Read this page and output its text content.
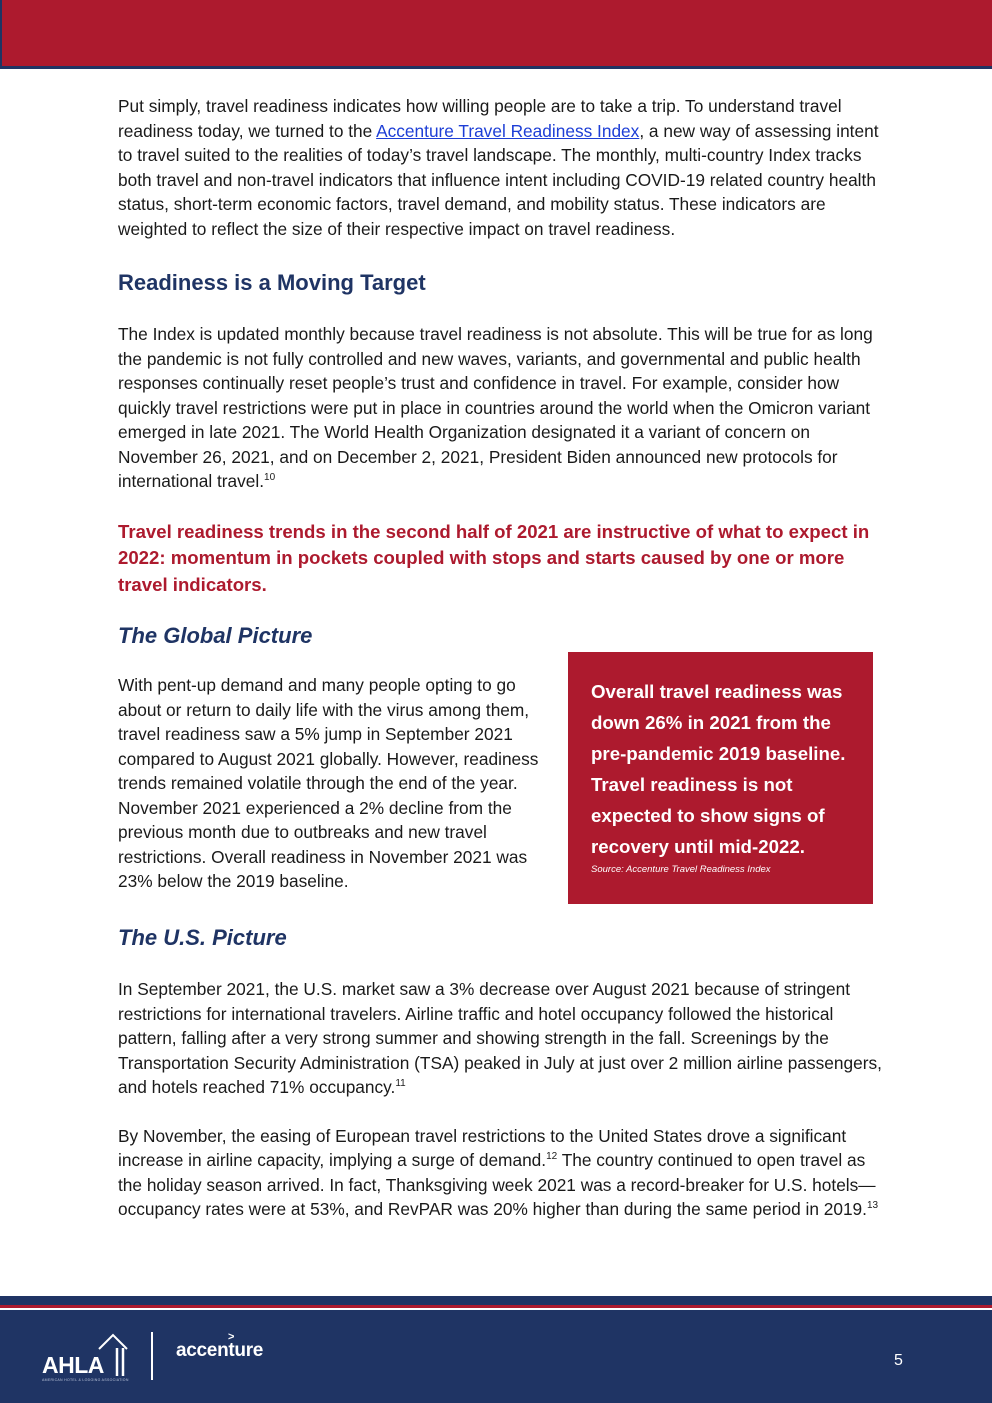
Put simply, travel readiness indicates how willing people are to take a trip. To understand travel readiness today, we turned to the Accenture Travel Readiness Index, a new way of assessing intent to travel suited to the realities of today’s travel landscape. The monthly, multi-country Index tracks both travel and non-travel indicators that influence intent including COVID-19 related country health status, short-term economic factors, travel demand, and mobility status. These indicators are weighted to reflect the size of their respective impact on travel readiness.

Readiness is a Moving Target

The Index is updated monthly because travel readiness is not absolute. This will be true for as long the pandemic is not fully controlled and new waves, variants, and governmental and public health responses continually reset people’s trust and confidence in travel. For example, consider how quickly travel restrictions were put in place in countries around the world when the Omicron variant emerged in late 2021. The World Health Organization designated it a variant of concern on November 26, 2021, and on December 2, 2021, President Biden announced new protocols for international travel.$^{10}$

Travel readiness trends in the second half of 2021 are instructive of what to expect in 2022: momentum in pockets coupled with stops and starts caused by one or more travel indicators.

The Global Picture

With pent-up demand and many people opting to go about or return to daily life with the virus among them, travel readiness saw a 5% jump in September 2021 compared to August 2021 globally. However, readiness trends remained volatile through the end of the year. November 2021 experienced a 2% decline from the previous month due to outbreaks and new travel restrictions. Overall readiness in November 2021 was 23% below the 2019 baseline.

Overall travel readiness was down 26% in 2021 from the pre-pandemic 2019 baseline. Travel readiness is not expected to show signs of recovery until mid-2022.

Source: Accenture Travel Readiness Index

The U.S. Picture

In September 2021, the U.S. market saw a 3% decrease over August 2021 because of stringent restrictions for international travelers. Airline traffic and hotel occupancy followed the historical pattern, falling after a very strong summer and showing strength in the fall. Screenings by the Transportation Security Administration (TSA) peaked in July at just over 2 million airline passengers, and hotels reached 71% occupancy.$^{11}$

By November, the easing of European travel restrictions to the United States drove a significant increase in airline capacity, implying a surge of demand.$^{12}$ The country continued to open travel as the holiday season arrived. In fact, Thanksgiving week 2021 was a record-breaker for U.S. hotels—occupancy rates were at 53%, and RevPAR was 20% higher than during the same period in 2019.13

AHLA
AMERICAN HOTEL & LODGING ASSOCIATION
>
accenture	5
